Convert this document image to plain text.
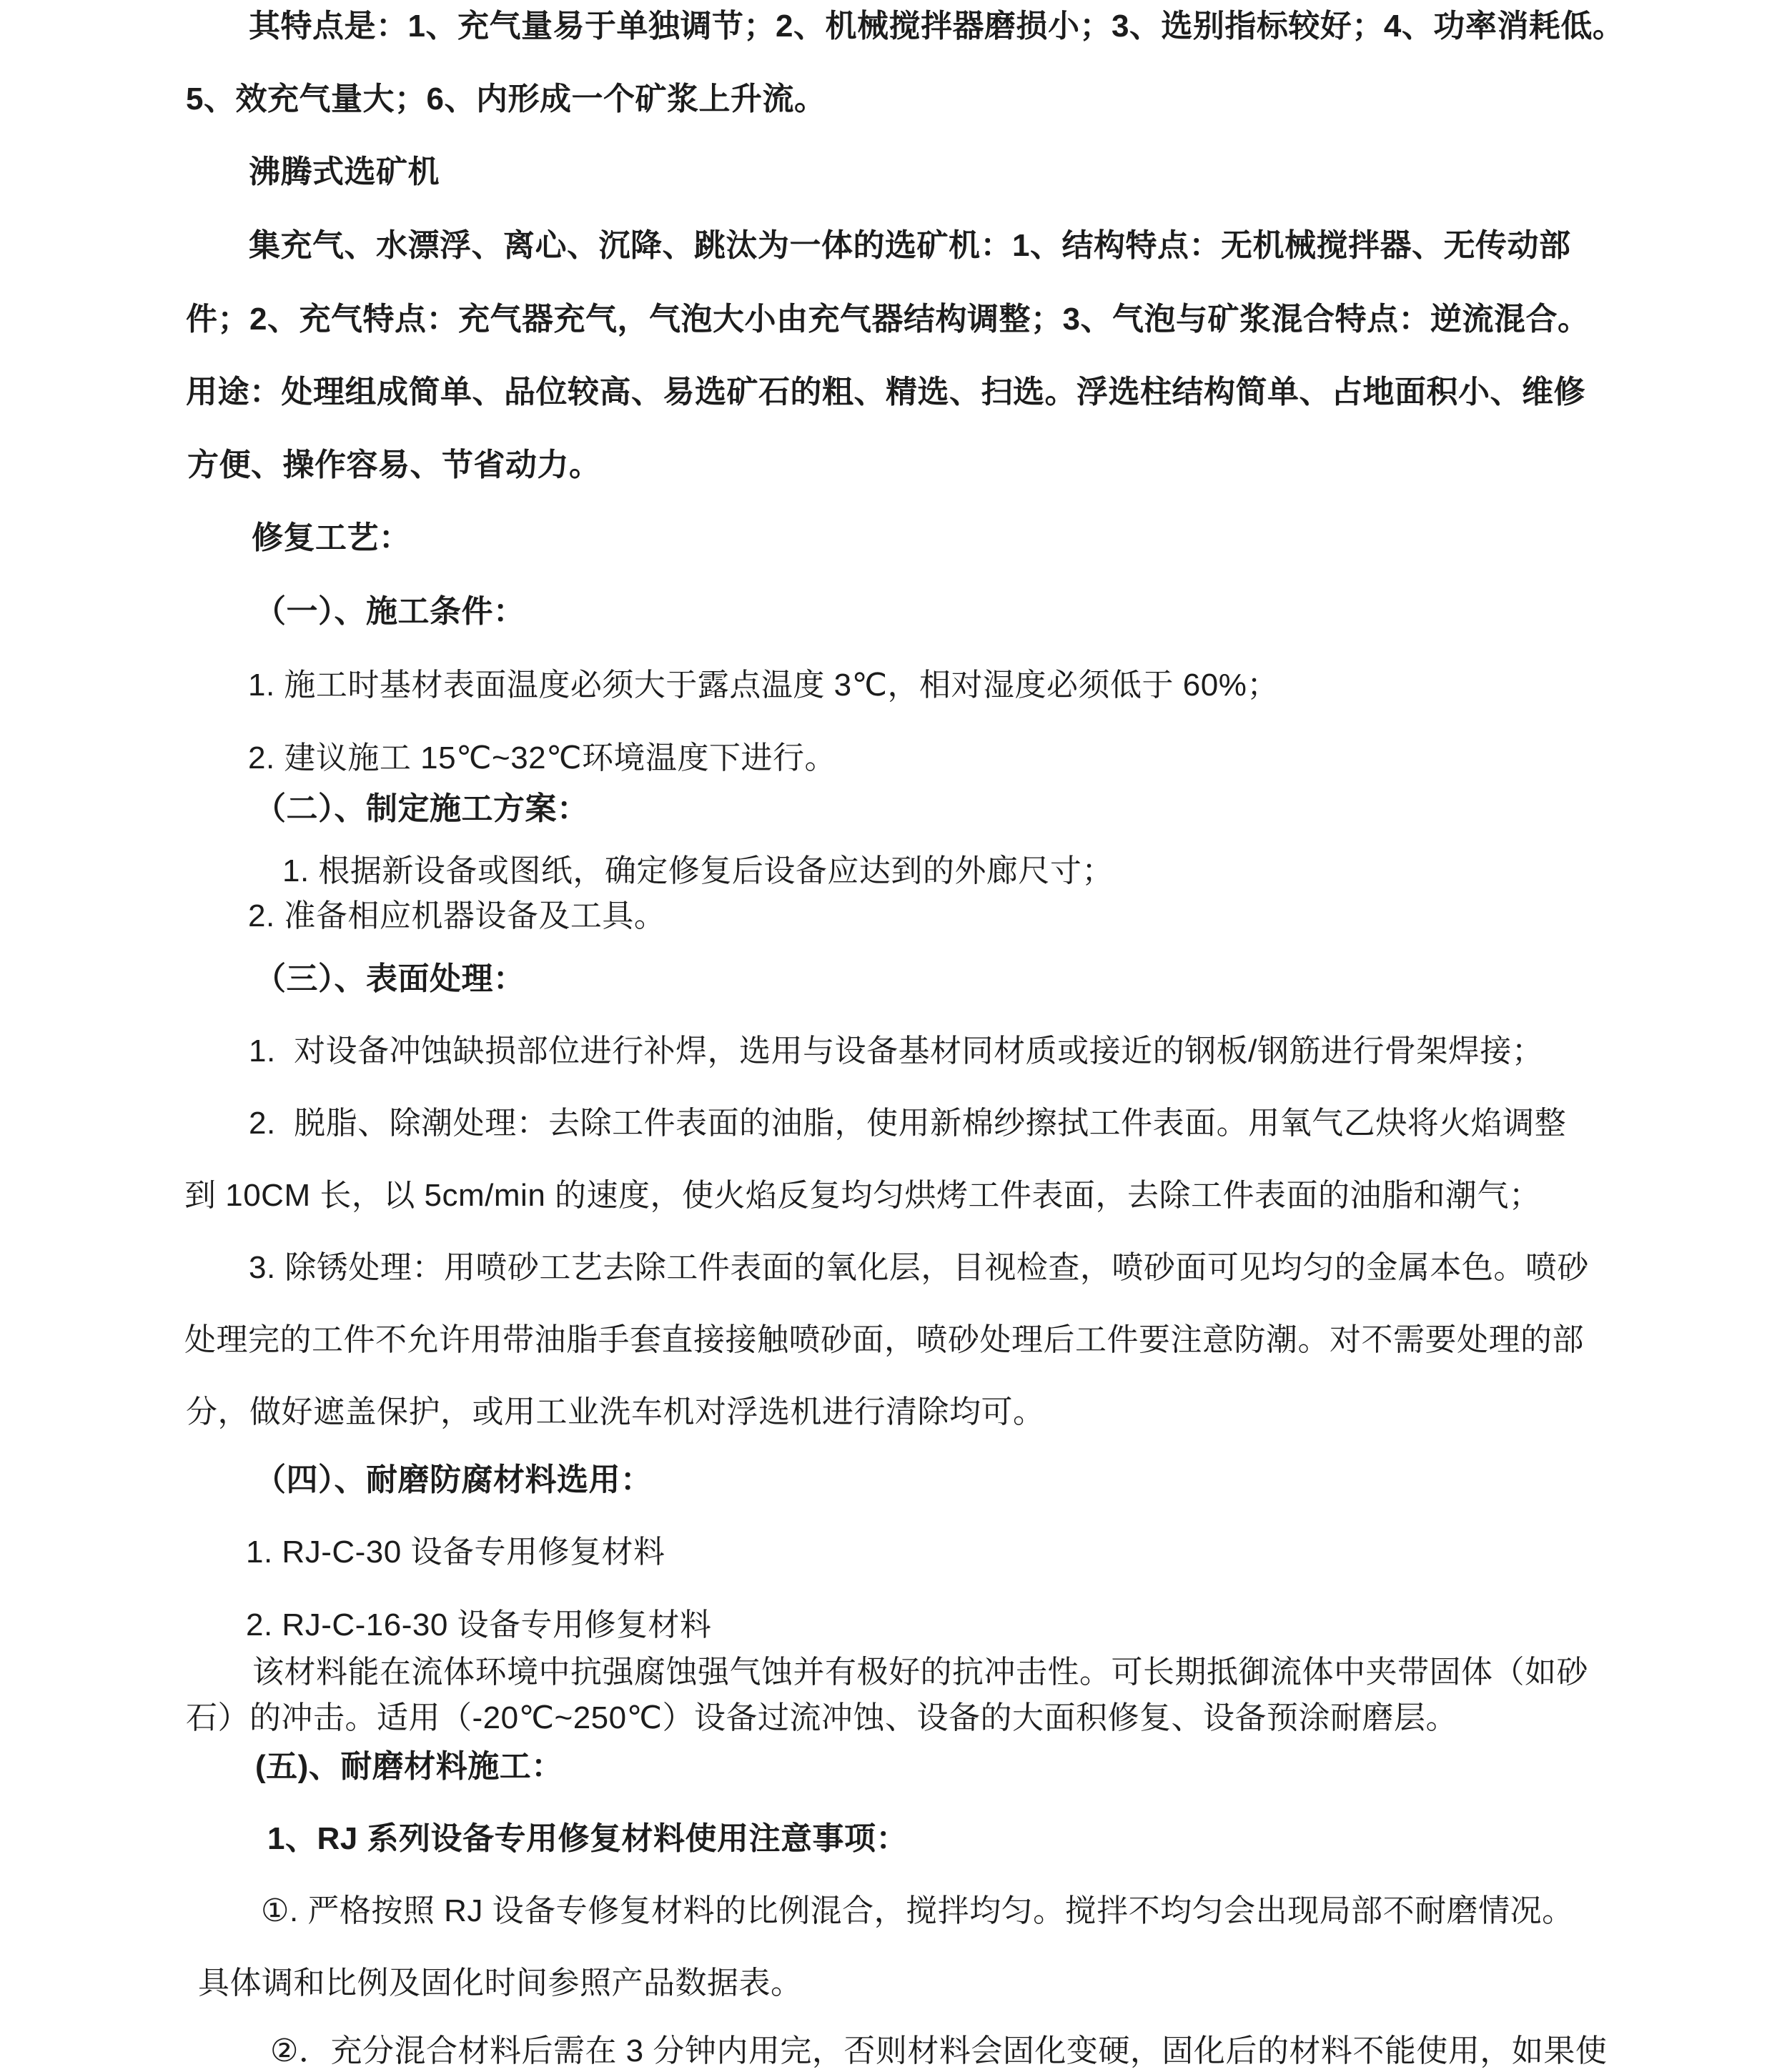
其特点是：1、充气量易于单独调节；2、机械搅拌器磨损小；3、选别指标较好；4、功率消耗低。

5、效充气量大；6、内形成一个矿浆上升流。

沸腾式选矿机

集充气、水漂浮、离心、沉降、跳汰为一体的选矿机：1、结构特点：无机械搅拌器、无传动部

件；2、充气特点：充气器充气，气泡大小由充气器结构调整；3、气泡与矿浆混合特点：逆流混合。

用途：处理组成简单、品位较高、易选矿石的粗、精选、扫选。浮选柱结构简单、占地面积小、维修

方便、操作容易、节省动力。

修复工艺：

（一）、施工条件：

1. 施工时基材表面温度必须大于露点温度 3℃，相对湿度必须低于 60%；

2. 建议施工 15℃~32℃环境温度下进行。

（二）、制定施工方案：

1. 根据新设备或图纸，确定修复后设备应达到的外廊尺寸；

2. 准备相应机器设备及工具。

（三）、表面处理：

1.  对设备冲蚀缺损部位进行补焊，选用与设备基材同材质或接近的钢板/钢筋进行骨架焊接；

2.  脱脂、除潮处理：去除工件表面的油脂，使用新棉纱擦拭工件表面。用氧气乙炔将火焰调整

到 10CM 长，以 5cm/min 的速度，使火焰反复均匀烘烤工件表面，去除工件表面的油脂和潮气；

3. 除锈处理：用喷砂工艺去除工件表面的氧化层，目视检查，喷砂面可见均匀的金属本色。喷砂

处理完的工件不允许用带油脂手套直接接触喷砂面，喷砂处理后工件要注意防潮。对不需要处理的部

分，做好遮盖保护，或用工业洗车机对浮选机进行清除均可。

（四）、耐磨防腐材料选用：

1. RJ-C-30 设备专用修复材料

2. RJ-C-16-30 设备专用修复材料

该材料能在流体环境中抗强腐蚀强气蚀并有极好的抗冲击性。可长期抵御流体中夹带固体（如砂

石）的冲击。适用（-20℃~250℃）设备过流冲蚀、设备的大面积修复、设备预涂耐磨层。

(五)、耐磨材料施工：

1、RJ 系列设备专用修复材料使用注意事项：

①. 严格按照 RJ 设备专修复材料的比例混合，搅拌均匀。搅拌不均匀会出现局部不耐磨情况。

具体调和比例及固化时间参照产品数据表。

②．充分混合材料后需在 3 分钟内用完，否则材料会固化变硬，固化后的材料不能使用，如果使
